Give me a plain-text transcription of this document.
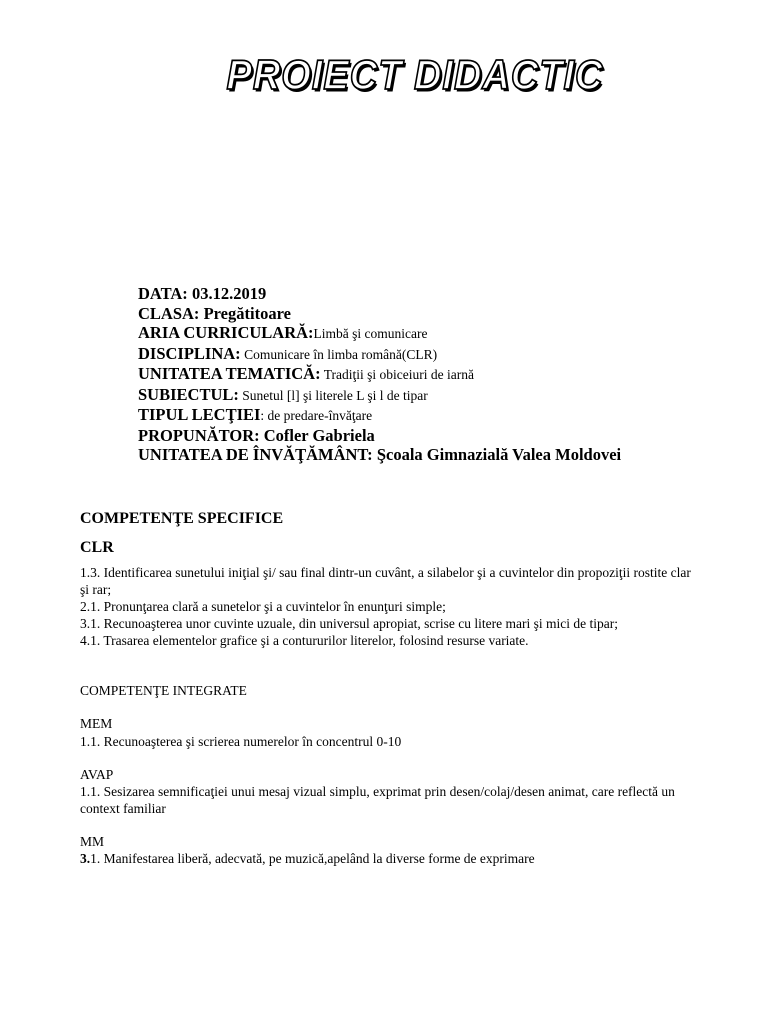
PROIECT DIDACTIC
DATA: 03.12.2019
CLASA: Pregătitoare
ARIA CURRICULARĂ:Limbă şi comunicare
DISCIPLINA: Comunicare în limba română(CLR)
UNITATEA TEMATICĂ: Tradiţii şi obiceiuri de iarnă
SUBIECTUL: Sunetul [l] şi literele L şi l de tipar
TIPUL LECŢIEI: de predare-învăţare
PROPUNĂTOR: Cofler Gabriela
UNITATEA DE ÎNVĂŢĂMÂNT: Şcoala Gimnazială Valea Moldovei
COMPETENŢE SPECIFICE
CLR

1.3. Identificarea sunetului iniţial şi/ sau final dintr-un cuvânt, a silabelor şi a cuvintelor din propoziţii rostite clar şi rar;

2.1. Pronunţarea clară a sunetelor şi a cuvintelor în enunţuri simple;

3.1. Recunoaşterea unor cuvinte uzuale, din universul apropiat, scrise cu litere mari şi mici de tipar;

4.1. Trasarea elementelor grafice şi a contururilor literelor, folosind resurse variate.

COMPETENŢE INTEGRATE
MEM
1.1. Recunoaşterea şi scrierea numerelor în concentrul 0-10
AVAP
1.1. Sesizarea semnificaţiei unui mesaj vizual simplu, exprimat prin desen/colaj/desen animat, care reflectă un context familiar
MM
3.1. Manifestarea liberă, adecvată, pe muzică,apelând la diverse forme de exprimare
